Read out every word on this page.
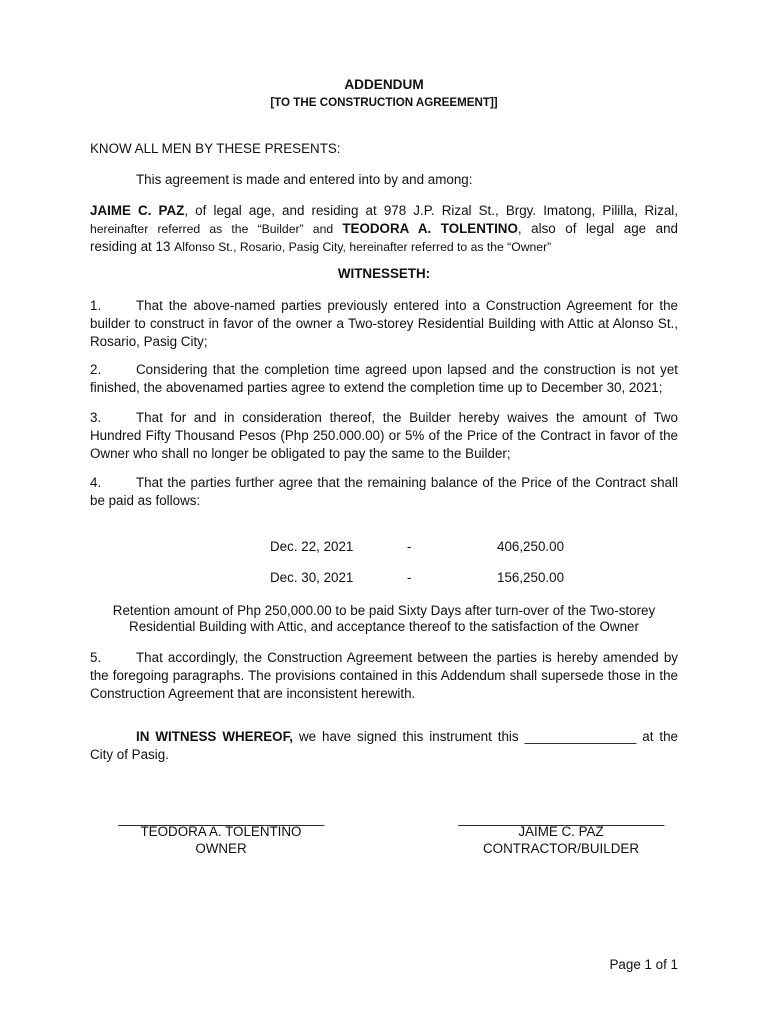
ADDENDUM
[TO THE CONSTRUCTION AGREEMENT]]
KNOW ALL MEN BY THESE PRESENTS:
This agreement is made and entered into by and among:
JAIME C. PAZ, of legal age, and residing at 978 J.P. Rizal St., Brgy. Imatong, Pililla, Rizal,
hereinafter referred as the “Builder” and TEODORA A. TOLENTINO, also of legal age and
residing at 13 Alfonso St., Rosario, Pasig City, hereinafter referred to as the “Owner”
WITNESSETH:
1.	That the above-named parties previously entered into a Construction Agreement for the builder to construct in favor of the owner a Two-storey Residential Building with Attic at Alonso St., Rosario, Pasig City;
2.	Considering that the completion time agreed upon lapsed and the construction is not yet finished, the abovenamed parties agree to extend the completion time up to December 30, 2021;
3.	That for and in consideration thereof, the Builder hereby waives the amount of Two Hundred Fifty Thousand Pesos (Php 250.000.00) or 5% of the Price of the Contract in favor of the Owner who shall no longer be obligated to pay the same to the Builder;
4.	That the parties further agree that the remaining balance of the Price of the Contract shall be paid as follows:
Dec. 22, 2021	-	406,250.00
Dec. 30, 2021	-	156,250.00
Retention amount of Php 250,000.00 to be paid Sixty Days after turn-over of the Two-storey
Residential Building with Attic, and acceptance thereof to the satisfaction of the Owner
5.	That accordingly, the Construction Agreement between the parties is hereby amended by the foregoing paragraphs. The provisions contained in this Addendum shall supersede those in the Construction Agreement that are inconsistent herewith.
IN WITNESS WHEREOF, we have signed this instrument this _______________ at the City of Pasig.
______________________________
TEODORA A. TOLENTINO
OWNER
______________________________
JAIME C. PAZ
CONTRACTOR/BUILDER
Page 1 of 1
